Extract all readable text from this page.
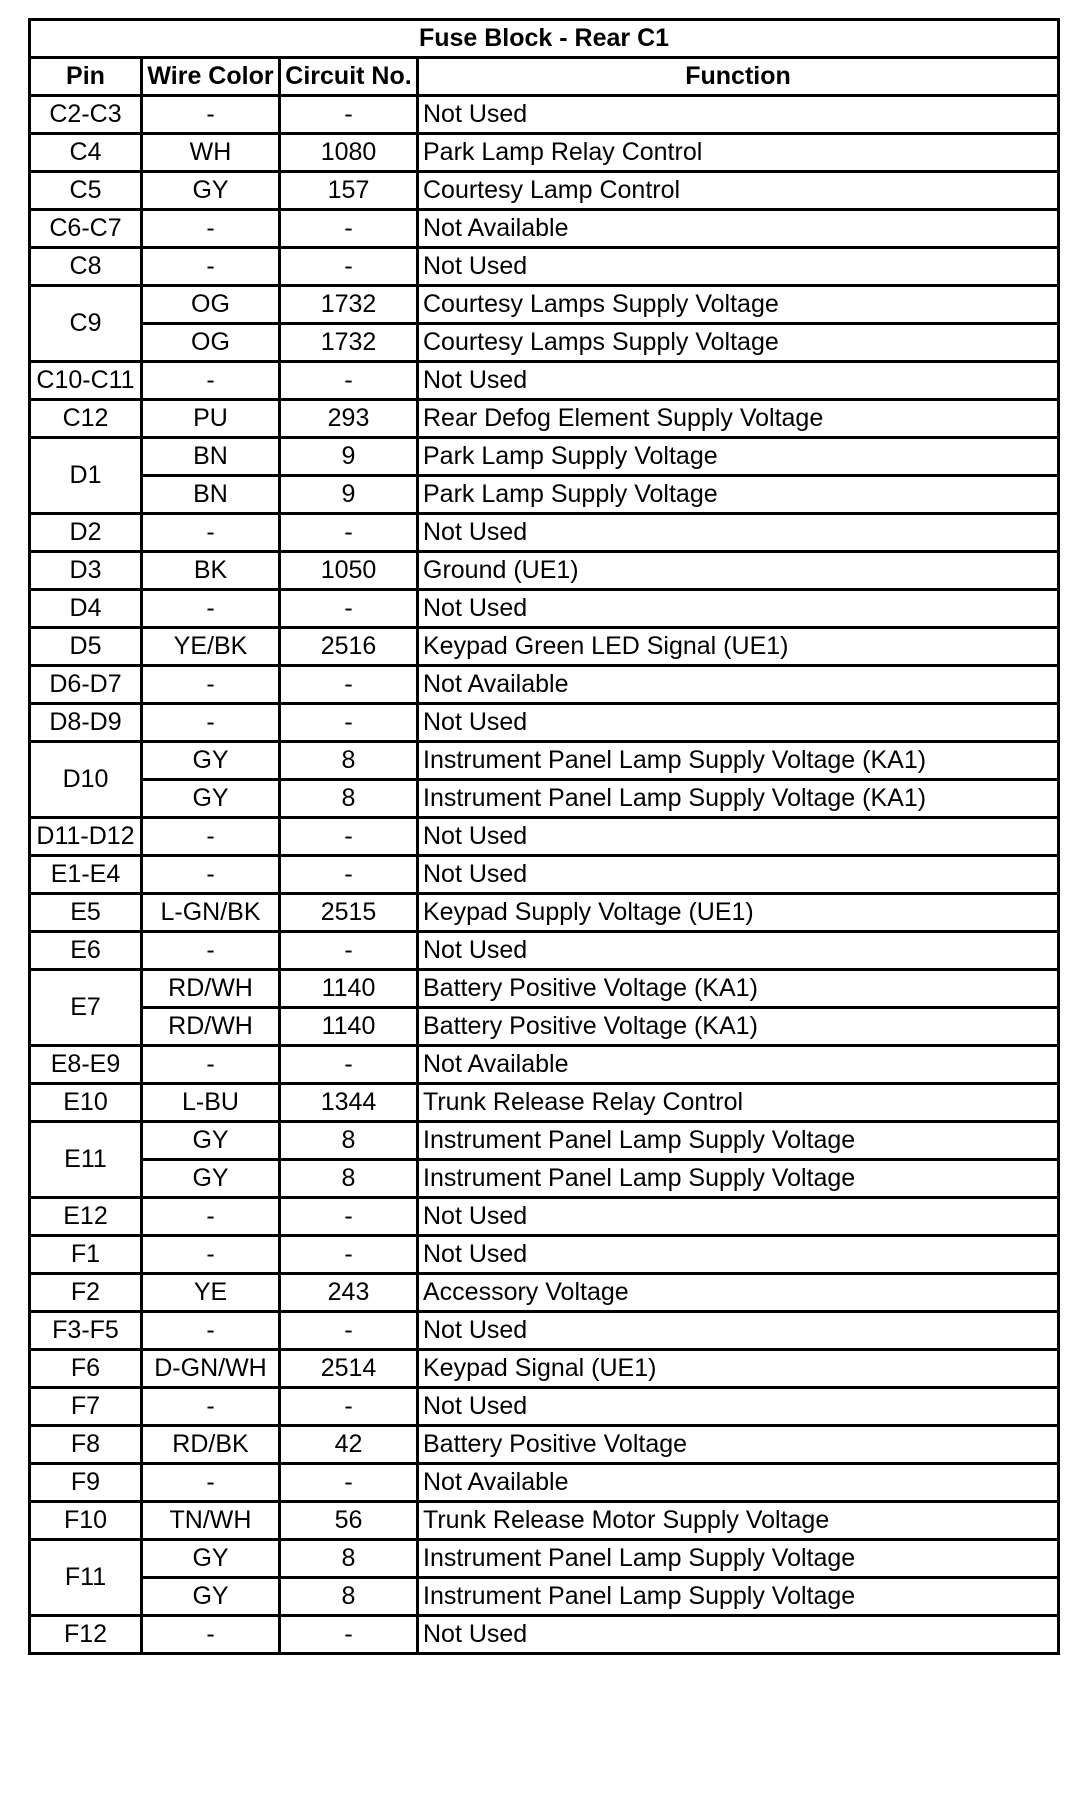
Fuse Block - Rear C1			
Pin	Wire Color	Circuit No.	Function
C2-C3	-	-	Not Used
C4	WH	1080	Park Lamp Relay Control
C5	GY	157	Courtesy Lamp Control
C6-C7	-	-	Not Available
C8	-	-	Not Used
C9	OG	1732	Courtesy Lamps Supply Voltage
	OG	1732	Courtesy Lamps Supply Voltage
C10-C11	-	-	Not Used
C12	PU	293	Rear Defog Element Supply Voltage
D1	BN	9	Park Lamp Supply Voltage
	BN	9	Park Lamp Supply Voltage
D2	-	-	Not Used
D3	BK	1050	Ground (UE1)
D4	-	-	Not Used
D5	YE/BK	2516	Keypad Green LED Signal (UE1)
D6-D7	-	-	Not Available
D8-D9	-	-	Not Used
D10	GY	8	Instrument Panel Lamp Supply Voltage (KA1)
	GY	8	Instrument Panel Lamp Supply Voltage (KA1)
D11-D12	-	-	Not Used
E1-E4	-	-	Not Used
E5	L-GN/BK	2515	Keypad Supply Voltage (UE1)
E6	-	-	Not Used
E7	RD/WH	1140	Battery Positive Voltage (KA1)
	RD/WH	1140	Battery Positive Voltage (KA1)
E8-E9	-	-	Not Available
E10	L-BU	1344	Trunk Release Relay Control
E11	GY	8	Instrument Panel Lamp Supply Voltage
	GY	8	Instrument Panel Lamp Supply Voltage
E12	-	-	Not Used
F1	-	-	Not Used
F2	YE	243	Accessory Voltage
F3-F5	-	-	Not Used
F6	D-GN/WH	2514	Keypad Signal (UE1)
F7	-	-	Not Used
F8	RD/BK	42	Battery Positive Voltage
F9	-	-	Not Available
F10	TN/WH	56	Trunk Release Motor Supply Voltage
F11	GY	8	Instrument Panel Lamp Supply Voltage
	GY	8	Instrument Panel Lamp Supply Voltage
F12	-	-	Not Used
